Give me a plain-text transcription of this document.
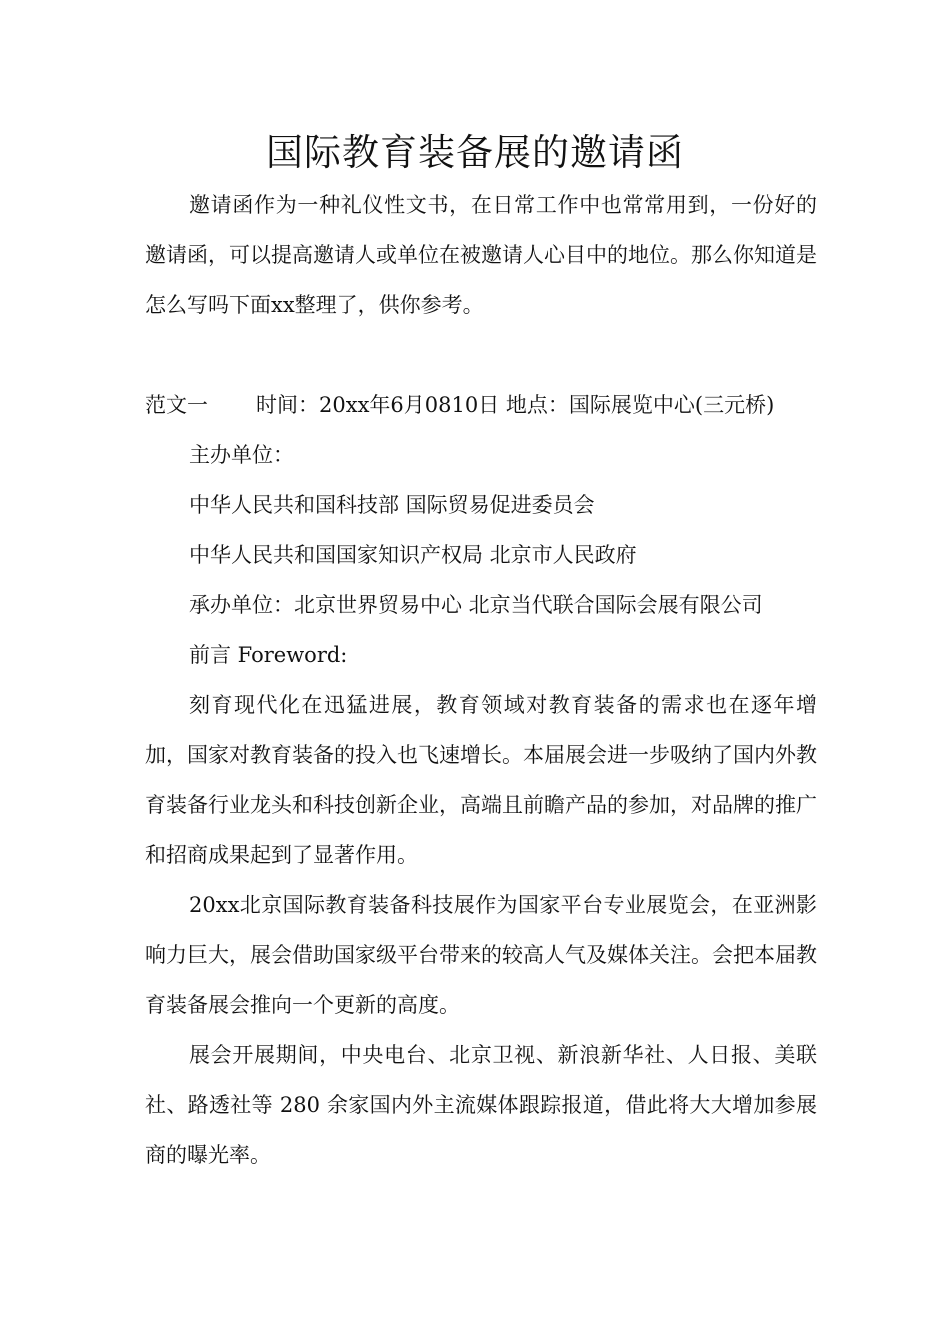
国际教育装备展的邀请函

邀请函作为一种礼仪性文书，在日常工作中也常常用到，一份好的邀请函，可以提高邀请人或单位在被邀请人心目中的地位。那么你知道是怎么写吗下面xx整理了，供你参考。

范文一 时间：20xx年6月0810日 地点：国际展览中心(三元桥)

主办单位：

中华人民共和国科技部 国际贸易促进委员会

中华人民共和国国家知识产权局 北京市人民政府

承办单位：北京世界贸易中心 北京当代联合国际会展有限公司

前言 Foreword:

刻育现代化在迅猛进展，教育领域对教育装备的需求也在逐年增加，国家对教育装备的投入也飞速增长。本届展会进一步吸纳了国内外教育装备行业龙头和科技创新企业，高端且前瞻产品的参加，对品牌的推广和招商成果起到了显著作用。

20xx北京国际教育装备科技展作为国家平台专业展览会，在亚洲影响力巨大，展会借助国家级平台带来的较高人气及媒体关注。会把本届教育装备展会推向一个更新的高度。

展会开展期间，中央电台、北京卫视、新浪新华社、人日报、美联社、路透社等 280 余家国内外主流媒体跟踪报道，借此将大大增加参展商的曝光率。
